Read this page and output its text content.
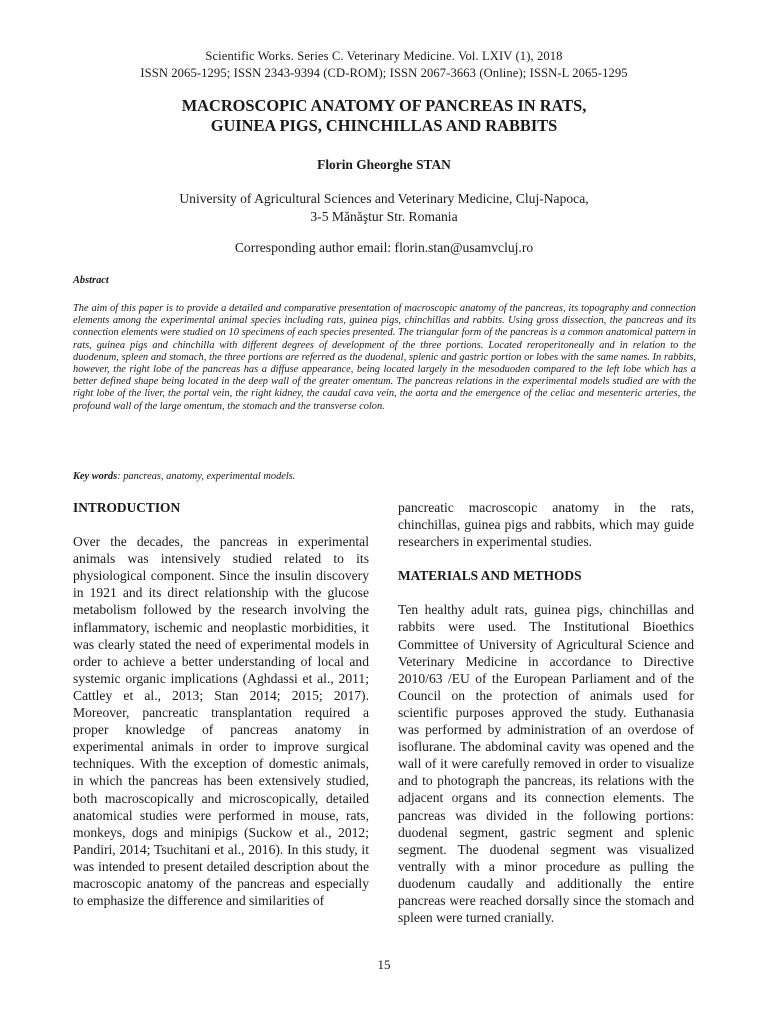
Scientific Works. Series C. Veterinary Medicine. Vol. LXIV (1), 2018
ISSN 2065-1295; ISSN 2343-9394 (CD-ROM); ISSN 2067-3663 (Online); ISSN-L 2065-1295
MACROSCOPIC ANATOMY OF PANCREAS IN RATS,
GUINEA PIGS, CHINCHILLAS AND RABBITS
Florin Gheorghe STAN
University of Agricultural Sciences and Veterinary Medicine, Cluj-Napoca,
3-5 Mănăştur Str. Romania
Corresponding author email: florin.stan@usamvcluj.ro
Abstract
The aim of this paper is to provide a detailed and comparative presentation of macroscopic anatomy of the pancreas, its topography and connection elements among the experimental animal species including rats, guinea pigs, chinchillas and rabbits. Using gross dissection, the pancreas and its connection elements were studied on 10 specimens of each species presented. The triangular form of the pancreas is a common anatomical pattern in rats, guinea pigs and chinchilla with different degrees of development of the three portions. Located reroperitoneally and in relation to the duodenum, spleen and stomach, the three portions are referred as the duodenal, splenic and gastric portion or lobes with the same names. In rabbits, however, the right lobe of the pancreas has a diffuse appearance, being located largely in the mesoduoden compared to the left lobe which has a better defined shape being located in the deep wall of the greater omentum. The pancreas relations in the experimental models studied are with the right lobe of the liver, the portal vein, the right kidney, the caudal cava vein, the aorta and the emergence of the celiac and mesenteric arteries, the profound wall of the large omentum, the stomach and the transverse colon.
Key words: pancreas, anatomy, experimental models.
INTRODUCTION

Over the decades, the pancreas in experimental animals was intensively studied related to its physiological component. Since the insulin discovery in 1921 and its direct relationship with the glucose metabolism followed by the research involving the inflammatory, ischemic and neoplastic morbidities, it was clearly stated the need of experimental models in order to achieve a better understanding of local and systemic organic implications (Aghdassi et al., 2011; Cattley et al., 2013; Stan 2014; 2015; 2017). Moreover, pancreatic transplantation required a proper knowledge of pancreas anatomy in experimental animals in order to improve surgical techniques. With the exception of domestic animals, in which the pancreas has been extensively studied, both macroscopically and microscopically, detailed anatomical studies were performed in mouse, rats, monkeys, dogs and minipigs (Suckow et al., 2012; Pandiri, 2014; Tsuchitani et al., 2016). In this study, it was intended to present detailed description about the macroscopic anatomy of the pancreas and especially to emphasize the difference and similarities of

pancreatic macroscopic anatomy in the rats, chinchillas, guinea pigs and rabbits, which may guide researchers in experimental studies.

MATERIALS AND METHODS

Ten healthy adult rats, guinea pigs, chinchillas and rabbits were used. The Institutional Bioethics Committee of University of Agricultural Science and Veterinary Medicine in accordance to Directive 2010/63 /EU of the European Parliament and of the Council on the protection of animals used for scientific purposes approved the study. Euthanasia was performed by administration of an overdose of isoflurane. The abdominal cavity was opened and the wall of it were carefully removed in order to visualize and to photograph the pancreas, its relations with the adjacent organs and its connection elements. The pancreas was divided in the following portions: duodenal segment, gastric segment and splenic segment. The duodenal segment was visualized ventrally with a minor procedure as pulling the duodenum caudally and additionally the entire pancreas were reached dorsally since the stomach and spleen were turned cranially.

15
